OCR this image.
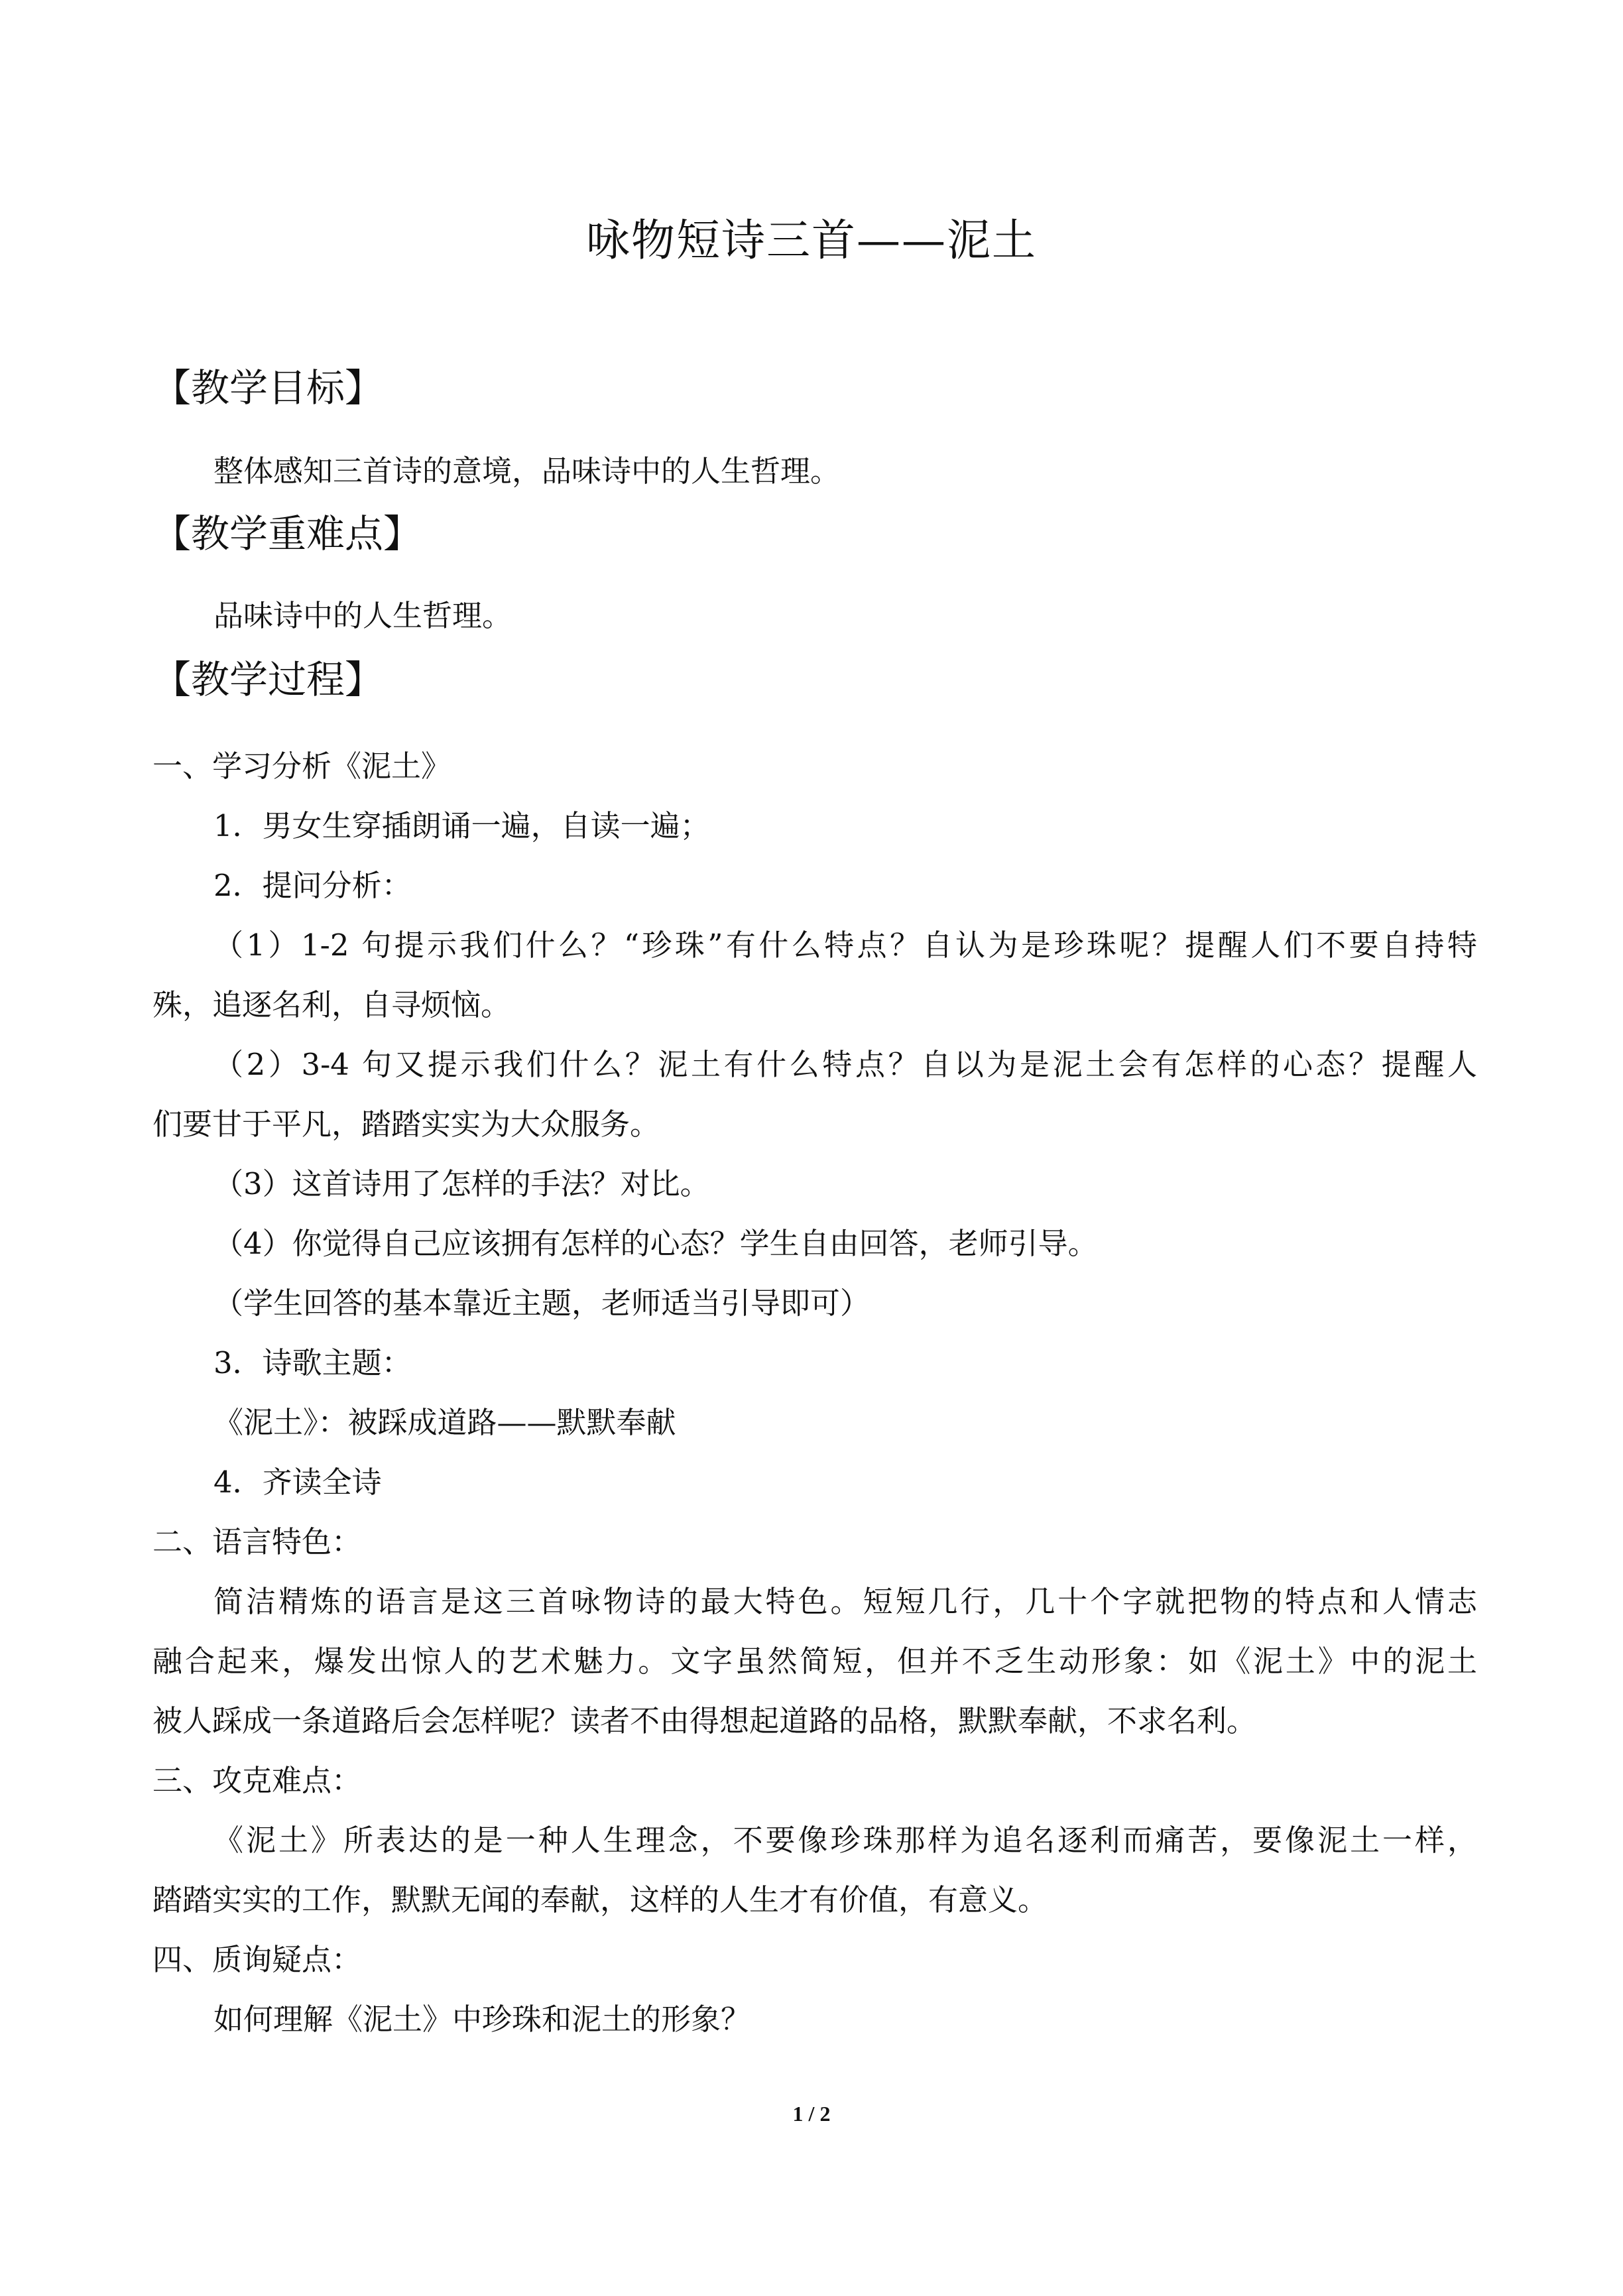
咏物短诗三首——泥土
【教学目标】
整体感知三首诗的意境，品味诗中的人生哲理。
【教学重难点】
品味诗中的人生哲理。
【教学过程】
一、学习分析《泥土》
1．男女生穿插朗诵一遍，自读一遍；
2．提问分析：
（1）1-2 句提示我们什么？“珍珠”有什么特点？自认为是珍珠呢？提醒人们不要自持特
殊，追逐名利，自寻烦恼。
（2）3-4 句又提示我们什么？泥土有什么特点？自以为是泥土会有怎样的心态？提醒人
们要甘于平凡，踏踏实实为大众服务。
（3）这首诗用了怎样的手法？对比。
（4）你觉得自己应该拥有怎样的心态？学生自由回答，老师引导。
（学生回答的基本靠近主题，老师适当引导即可）
3．诗歌主题：
《泥土》：被踩成道路——默默奉献
4．齐读全诗
二、语言特色：
简洁精炼的语言是这三首咏物诗的最大特色。短短几行，几十个字就把物的特点和人情志
融合起来，爆发出惊人的艺术魅力。文字虽然简短，但并不乏生动形象：如《泥土》中的泥土
被人踩成一条道路后会怎样呢？读者不由得想起道路的品格，默默奉献，不求名利。
三、攻克难点：
《泥土》所表达的是一种人生理念，不要像珍珠那样为追名逐利而痛苦，要像泥土一样，
踏踏实实的工作，默默无闻的奉献，这样的人生才有价值，有意义。
四、质询疑点：
如何理解《泥土》中珍珠和泥土的形象？
1 / 2
